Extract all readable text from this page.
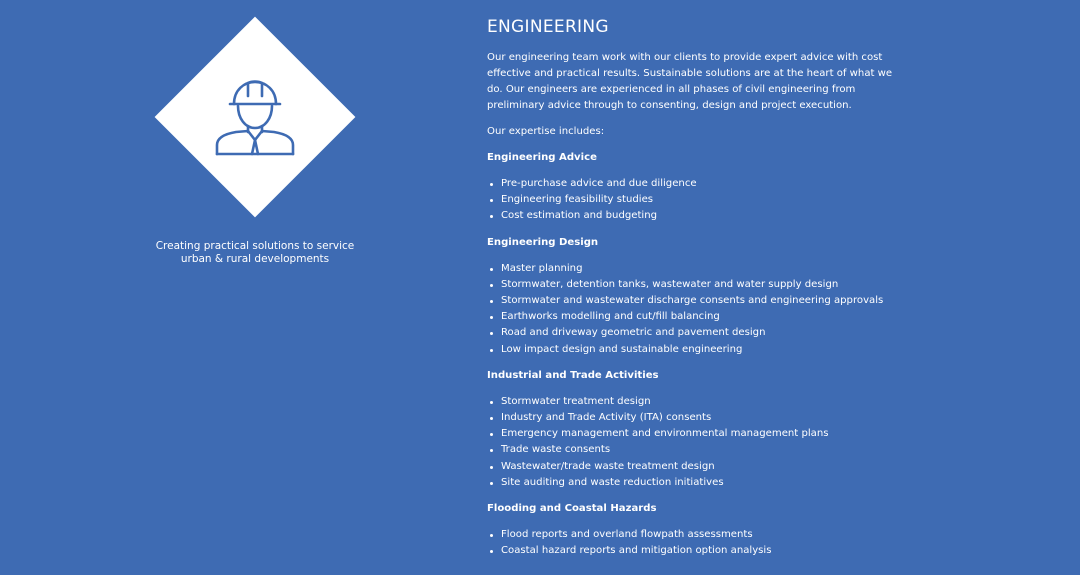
Creating practical solutions to service
urban & rural developments
ENGINEERING

Our engineering team work with our clients to provide expert advice with cost effective and practical results. Sustainable solutions are at the heart of what we do. Our engineers are experienced in all phases of civil engineering from preliminary advice through to consenting, design and project execution.

Our expertise includes:

Engineering Advice
Pre-purchase advice and due diligence
Engineering feasibility studies
Cost estimation and budgeting
Engineering Design
Master planning
Stormwater, detention tanks, wastewater and water supply design
Stormwater and wastewater discharge consents and engineering approvals
Earthworks modelling and cut/fill balancing
Road and driveway geometric and pavement design
Low impact design and sustainable engineering
Industrial and Trade Activities
Stormwater treatment design
Industry and Trade Activity (ITA) consents
Emergency management and environmental management plans
Trade waste consents
Wastewater/trade waste treatment design
Site auditing and waste reduction initiatives
Flooding and Coastal Hazards
Flood reports and overland flowpath assessments
Coastal hazard reports and mitigation option analysis
